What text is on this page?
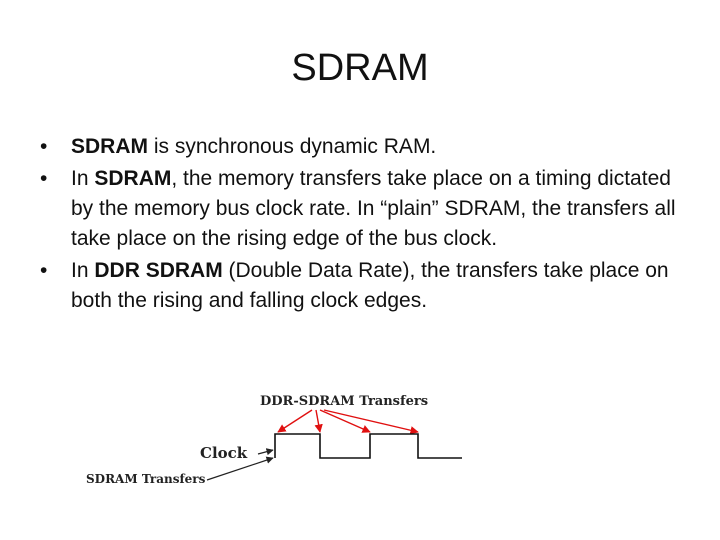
SDRAM
• SDRAM is synchronous dynamic RAM.
• In SDRAM, the memory transfers take place on a timing dictated by the memory bus clock rate. In “plain” SDRAM, the transfers all take place on the rising edge of the bus clock.
• In DDR SDRAM (Double Data Rate), the transfers take place on both the rising and falling clock edges.
DDR-SDRAM Transfers
Clock
SDRAM Transfers
